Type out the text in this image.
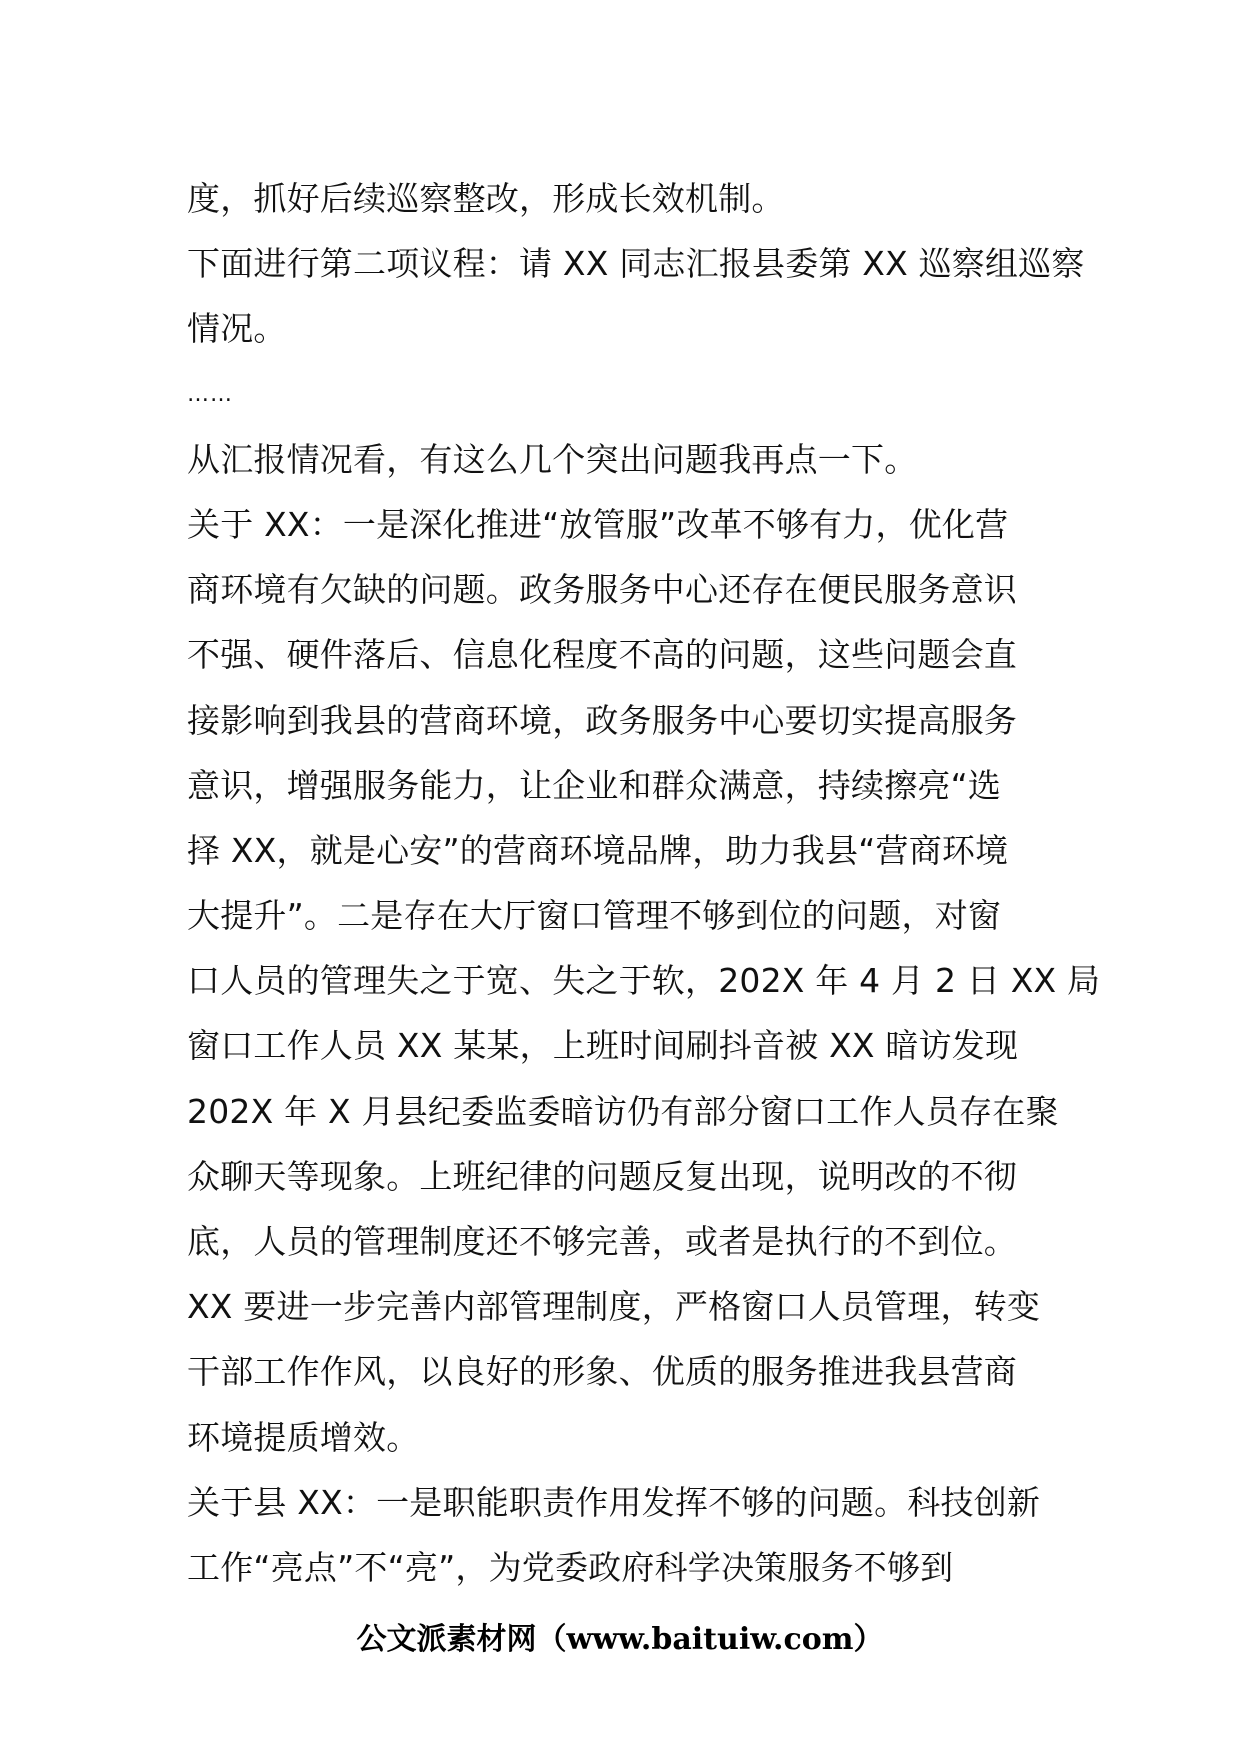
度，抓好后续巡察整改，形成长效机制。
下面进行第二项议程：请 XX 同志汇报县委第 XX 巡察组巡察
情况。
……
从汇报情况看，有这么几个突出问题我再点一下。
关于 XX：一是深化推进“放管服”改革不够有力，优化营
商环境有欠缺的问题。政务服务中心还存在便民服务意识
不强、硬件落后、信息化程度不高的问题，这些问题会直
接影响到我县的营商环境，政务服务中心要切实提高服务
意识，增强服务能力，让企业和群众满意，持续擦亮“选
择 XX，就是心安”的营商环境品牌，助力我县“营商环境
大提升”。二是存在大厅窗口管理不够到位的问题，对窗
口人员的管理失之于宽、失之于软，202X 年 4 月 2 日 XX 局
窗口工作人员 XX 某某，上班时间刷抖音被 XX 暗访发现
202X 年 X 月县纪委监委暗访仍有部分窗口工作人员存在聚
众聊天等现象。上班纪律的问题反复出现，说明改的不彻
底，人员的管理制度还不够完善，或者是执行的不到位。
XX 要进一步完善内部管理制度，严格窗口人员管理，转变
干部工作作风，以良好的形象、优质的服务推进我县营商
环境提质增效。
关于县 XX：一是职能职责作用发挥不够的问题。科技创新
工作“亮点”不“亮”，为党委政府科学决策服务不够到
公文派素材网（www.baituiw.com）
